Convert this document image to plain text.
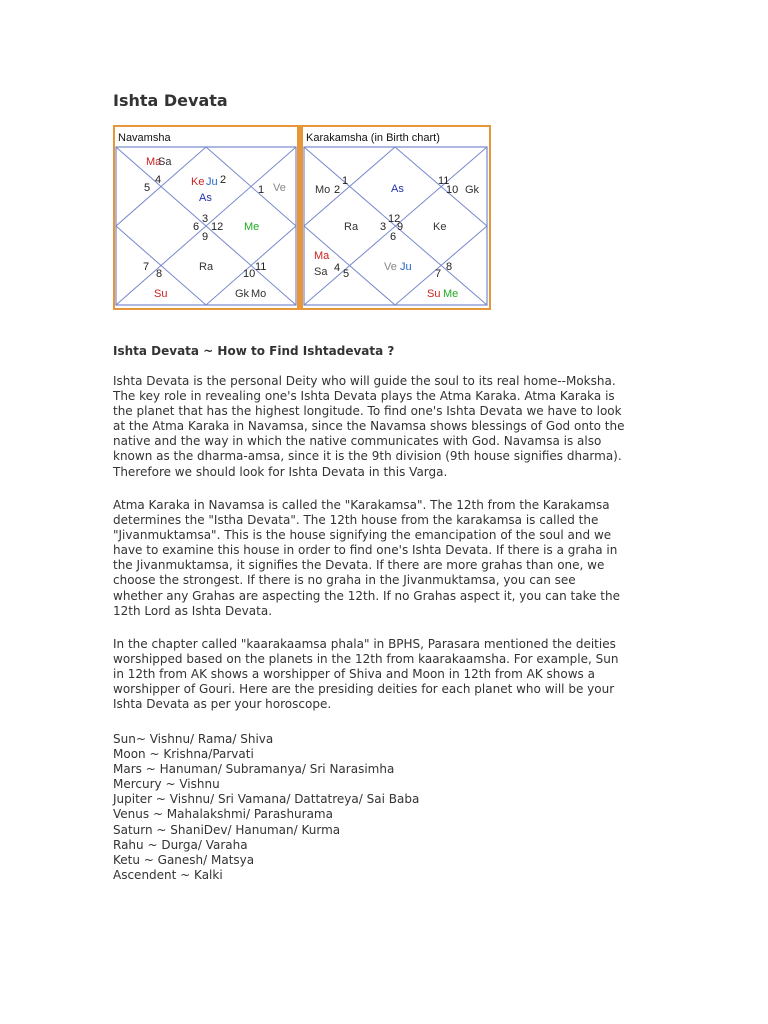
Ishta Devata
Navamsha	Karakamsha (in Birth chart)
Ma
Sa
4
5	Ke Ju
As
2
1 Ve
3
6 12
9
Me
7
8
Ra	11
10
Su	Gk Mo
Mo 2
1
As
11
10 Gk
Ra 3
12
9
6
Ke
Ma
Sa 4 5
Ve Ju
7
8
Su Me
Ishta Devata ~ How to Find Ishtadevata ?
Ishta Devata is the personal Deity who will guide the soul to its real home--Moksha.
The key role in revealing one's Ishta Devata plays the Atma Karaka. Atma Karaka is
the planet that has the highest longitude. To find one's Ishta Devata we have to look
at the Atma Karaka in Navamsa, since the Navamsa shows blessings of God onto the
native and the way in which the native communicates with God. Navamsa is also
known as the dharma-amsa, since it is the 9th division (9th house signifies dharma).
Therefore we should look for Ishta Devata in this Varga.
Atma Karaka in Navamsa is called the "Karakamsa". The 12th from the Karakamsa
determines the "Istha Devata". The 12th house from the karakamsa is called the
"Jivanmuktamsa". This is the house signifying the emancipation of the soul and we
have to examine this house in order to find one's Ishta Devata. If there is a graha in
the Jivanmuktamsa, it signifies the Devata. If there are more grahas than one, we
choose the strongest. If there is no graha in the Jivanmuktamsa, you can see
whether any Grahas are aspecting the 12th. If no Grahas aspect it, you can take the
12th Lord as Ishta Devata.
In the chapter called "kaarakaamsa phala" in BPHS, Parasara mentioned the deities
worshipped based on the planets in the 12th from kaarakaamsha. For example, Sun
in 12th from AK shows a worshipper of Shiva and Moon in 12th from AK shows a
worshipper of Gouri. Here are the presiding deities for each planet who will be your
Ishta Devata as per your horoscope.
Sun~ Vishnu/ Rama/ Shiva
Moon ~ Krishna/Parvati
Mars ~ Hanuman/ Subramanya/ Sri Narasimha
Mercury ~ Vishnu
Jupiter ~ Vishnu/ Sri Vamana/ Dattatreya/ Sai Baba
Venus ~ Mahalakshmi/ Parashurama
Saturn ~ ShaniDev/ Hanuman/ Kurma
Rahu ~ Durga/ Varaha
Ketu ~ Ganesh/ Matsya
Ascendent ~ Kalki
